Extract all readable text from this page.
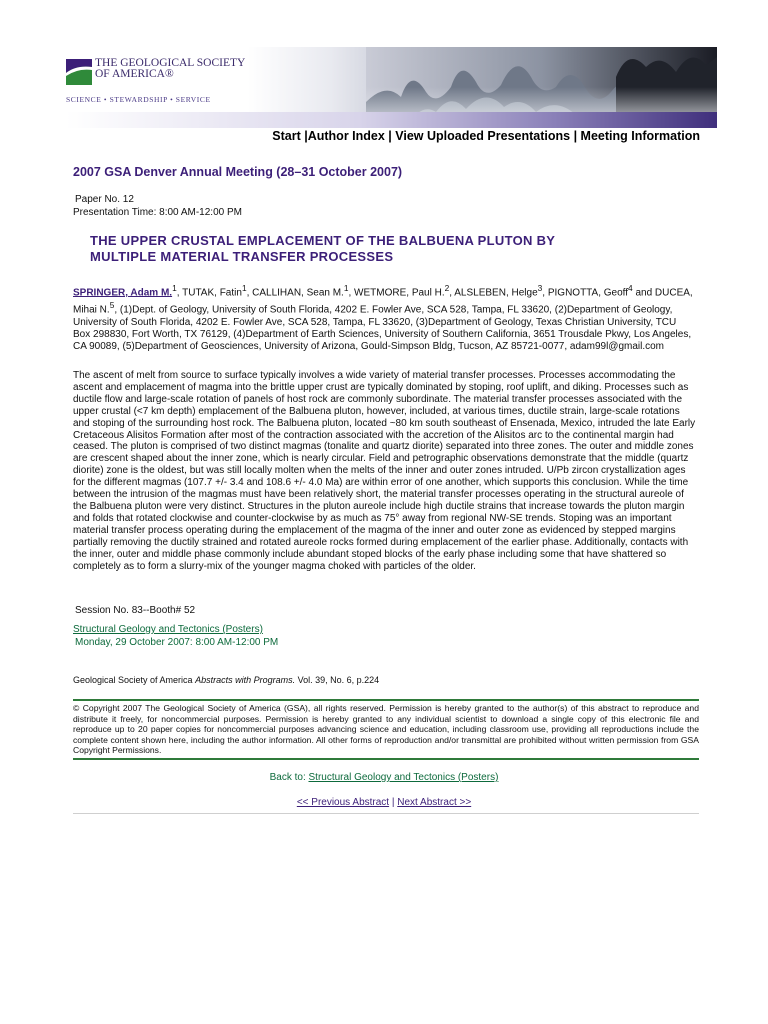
THE GEOLOGICAL SOCIETY
OF AMERICA®
SCIENCE • STEWARDSHIP • SERVICE
Start |Author Index | View Uploaded Presentations | Meeting Information
2007 GSA Denver Annual Meeting (28–31 October 2007)
Paper No. 12
Presentation Time: 8:00 AM-12:00 PM
THE UPPER CRUSTAL EMPLACEMENT OF THE BALBUENA PLUTON BY
MULTIPLE MATERIAL TRANSFER PROCESSES
SPRINGER, Adam M.$^1$, TUTAK, Fatin$^1$, CALLIHAN, Sean M.$^1$, WETMORE, Paul H.$^2$, ALSLEBEN, Helge$^3$, PIGNOTTA, Geoff$^4$ and DUCEA, Mihai N.$^5$, (1)Dept. of Geology, University of South Florida, 4202 E. Fowler Ave, SCA 528, Tampa, FL 33620, (2)Department of Geology, University of South Florida, 4202 E. Fowler Ave, SCA 528, Tampa, FL 33620, (3)Department of Geology, Texas Christian University, TCU Box 298830, Fort Worth, TX 76129, (4)Department of Earth Sciences, University of Southern California, 3651 Trousdale Pkwy, Los Angeles, CA 90089, (5)Department of Geosciences, University of Arizona, Gould-Simpson Bldg, Tucson, AZ 85721-0077, adam99l@gmail.com
The ascent of melt from source to surface typically involves a wide variety of material transfer processes. Processes accommodating the ascent and emplacement of magma into the brittle upper crust are typically dominated by stoping, roof uplift, and diking. Processes such as ductile flow and large-scale rotation of panels of host rock are commonly subordinate. The material transfer processes associated with the upper crustal (<7 km depth) emplacement of the Balbuena pluton, however, included, at various times, ductile strain, large-scale rotations and stoping of the surrounding host rock. The Balbuena pluton, located ~80 km south southeast of Ensenada, Mexico, intruded the late Early Cretaceous Alisitos Formation after most of the contraction associated with the accretion of the Alisitos arc to the continental margin had ceased. The pluton is comprised of two distinct magmas (tonalite and quartz diorite) separated into three zones. The outer and middle zones are crescent shaped about the inner zone, which is nearly circular. Field and petrographic observations demonstrate that the middle (quartz diorite) zone is the oldest, but was still locally molten when the melts of the inner and outer zones intruded. U/Pb zircon crystallization ages for the different magmas (107.7 +/- 3.4 and 108.6 +/- 4.0 Ma) are within error of one another, which supports this conclusion. While the time between the intrusion of the magmas must have been relatively short, the material transfer processes operating in the structural aureole of the Balbuena pluton were very distinct. Structures in the pluton aureole include high ductile strains that increase towards the pluton margin and folds that rotated clockwise and counter-clockwise by as much as 75° away from regional NW-SE trends. Stoping was an important material transfer process operating during the emplacement of the magma of the inner and outer zone as evidenced by stepped margins partially removing the ductily strained and rotated aureole rocks formed during emplacement of the earlier phase. Additionally, contacts with the inner, outer and middle phase commonly include abundant stoped blocks of the early phase including some that have shattered so completely as to form a slurry-mix of the younger magma choked with particles of the older.
Session No. 83--Booth# 52
Structural Geology and Tectonics (Posters)
Monday, 29 October 2007: 8:00 AM-12:00 PM
Geological Society of America Abstracts with Programs. Vol. 39, No. 6, p.224
© Copyright 2007 The Geological Society of America (GSA), all rights reserved. Permission is hereby granted to the author(s) of this abstract to reproduce and distribute it freely, for noncommercial purposes. Permission is hereby granted to any individual scientist to download a single copy of this electronic file and reproduce up to 20 paper copies for noncommercial purposes advancing science and education, including classroom use, providing all reproductions include the complete content shown here, including the author information. All other forms of reproduction and/or transmittal are prohibited without written permission from GSA Copyright Permissions.
Back to: Structural Geology and Tectonics (Posters)
<< Previous Abstract | Next Abstract >>
